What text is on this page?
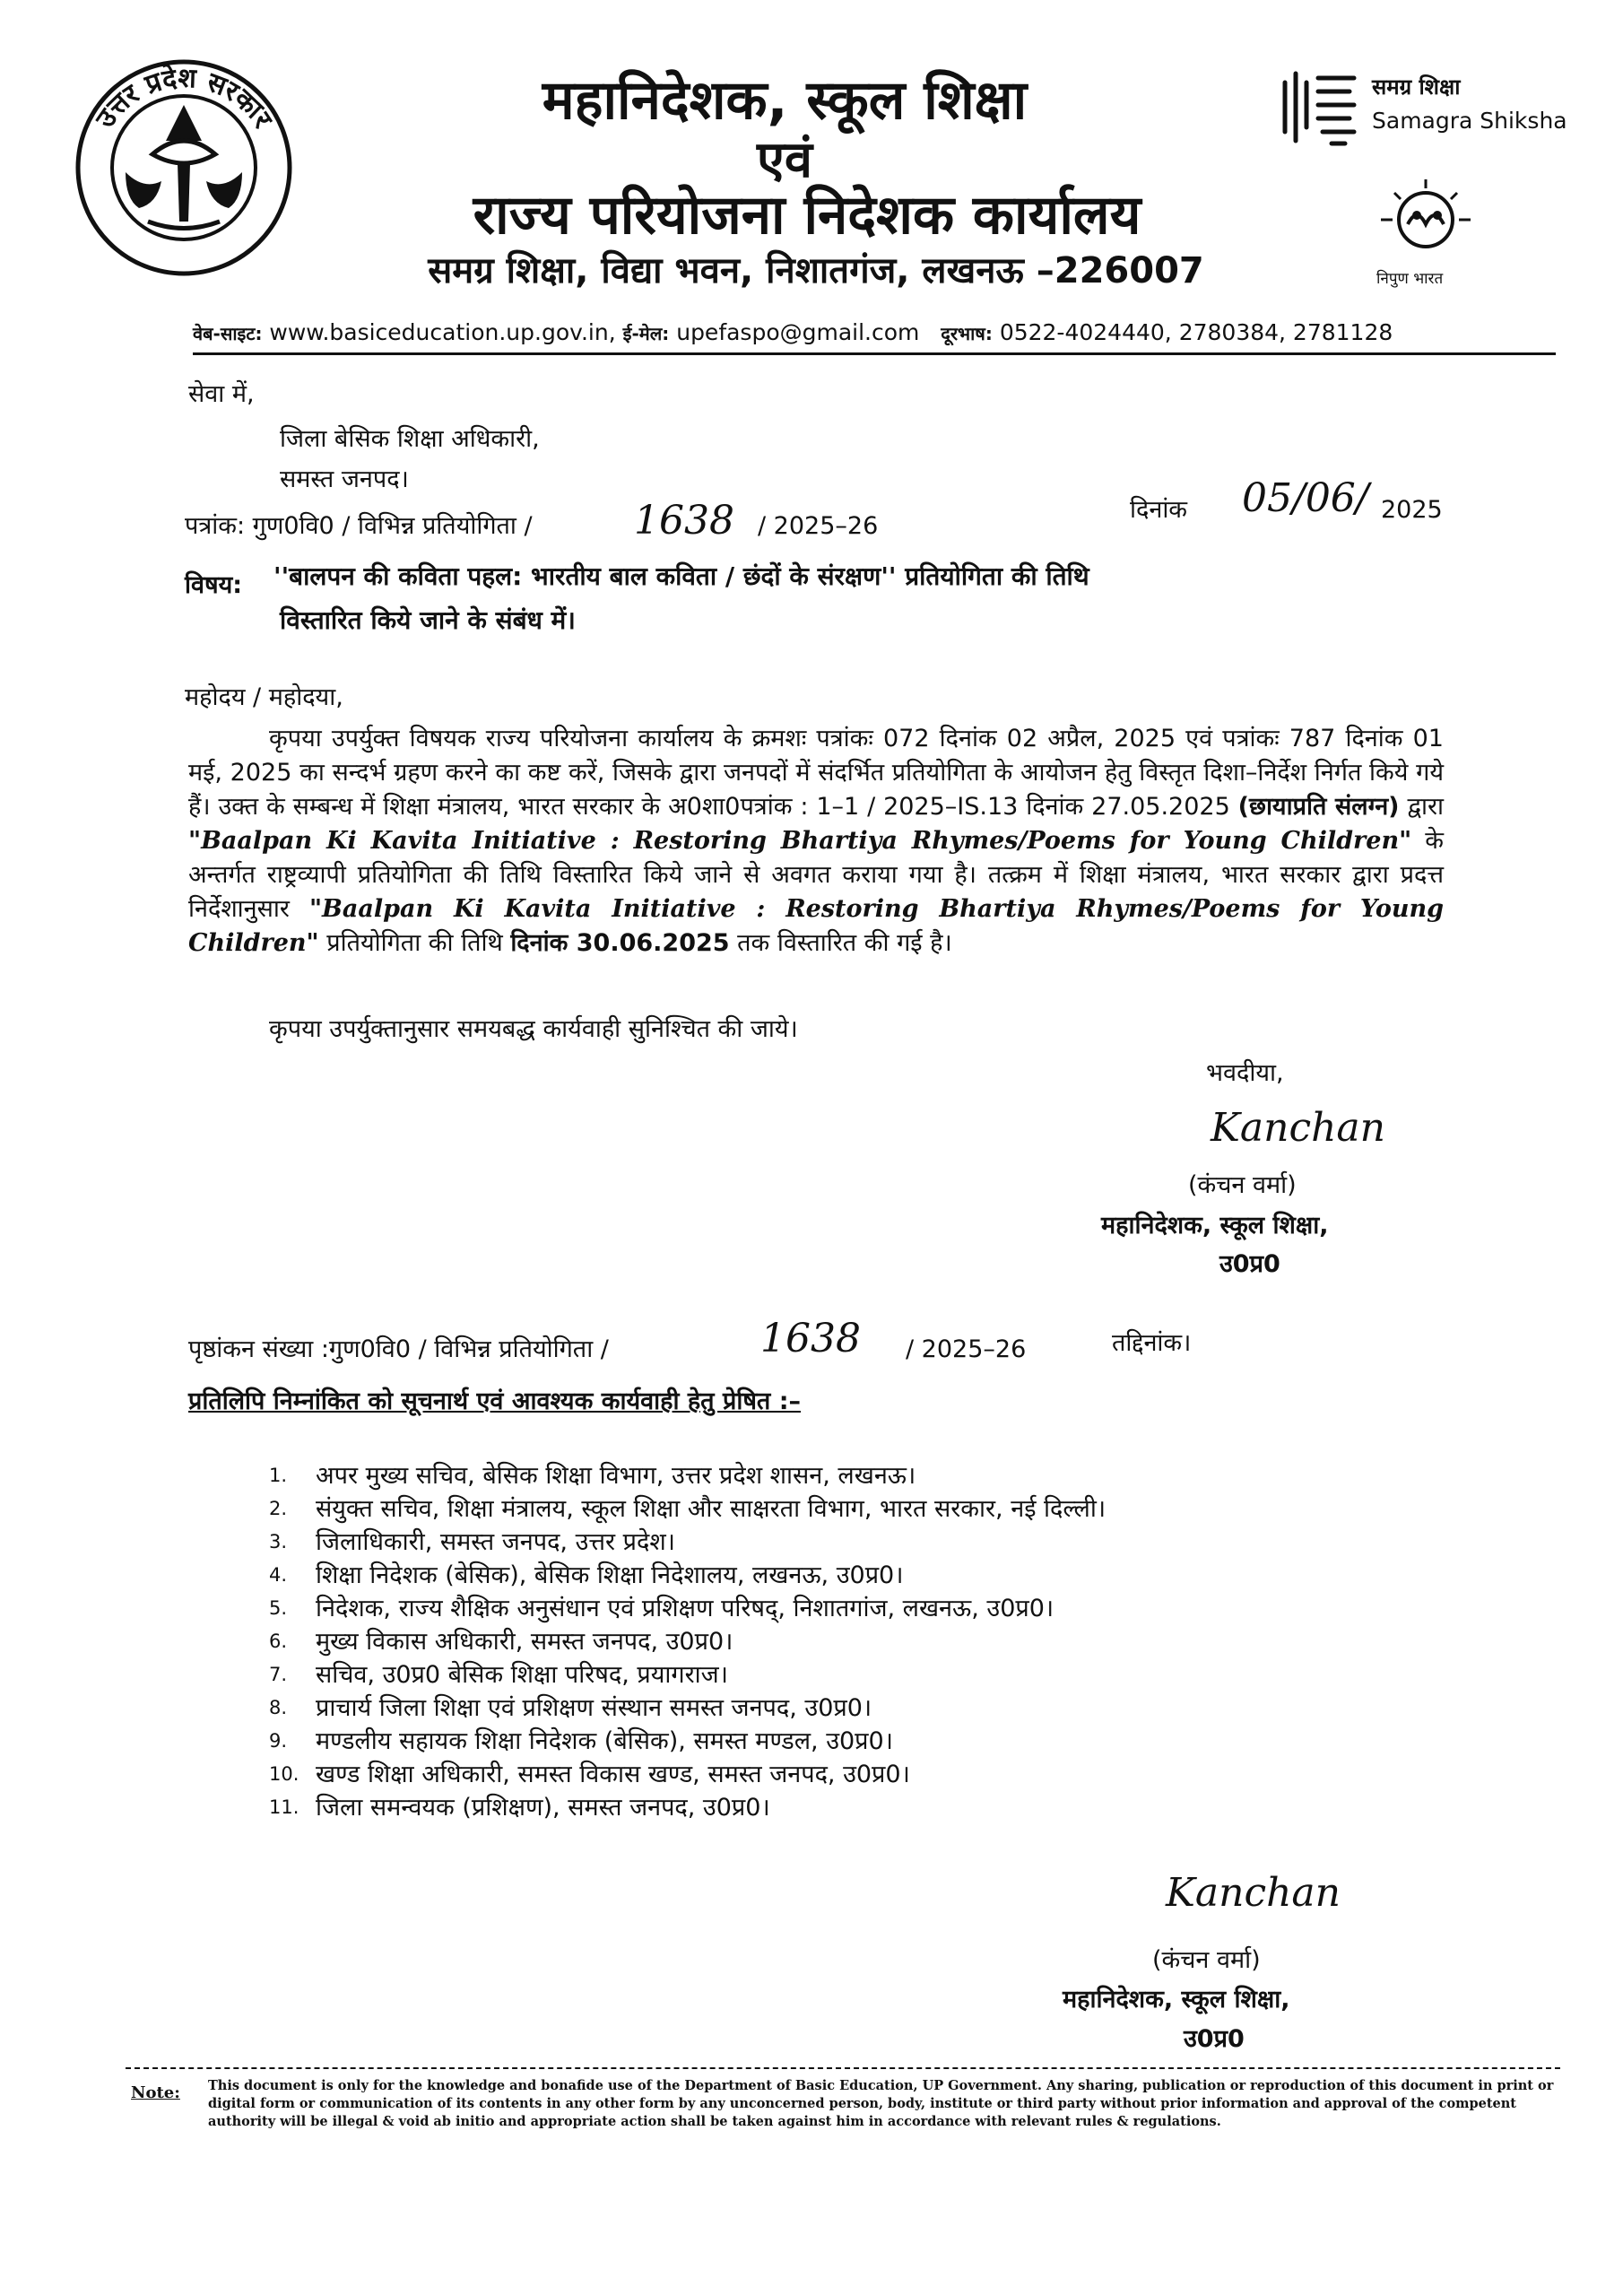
उत्तर प्रदेश सरकार	महानिदेशक, स्कूल शिक्षा
एवं
राज्य परियोजना निदेशक कार्यालय
समग्र शिक्षा, विद्या भवन, निशातगंज, लखनऊ –226007
समग्र शिक्षा
Samagra Shiksha
निपुण भारत
वेब-साइट: www.basiceducation.up.gov.in, ई-मेल: upefaspo@gmail.com दूरभाष: 0522-4024440, 2780384, 2781128
सेवा में,
जिला बेसिक शिक्षा अधिकारी,
समस्त जनपद।
पत्रांक: गुण0वि0 / विभिन्न प्रतियोगिता /	1638 / 2025–26
दिनांक 05/06/ 2025
विषय: ''बालपन की कविता पहल: भारतीय बाल कविता / छंदों के संरक्षण'' प्रतियोगिता की तिथि
विस्तारित किये जाने के संबंध में।
महोदय / महोदया,
कृपया उपर्युक्त विषयक राज्य परियोजना कार्यालय के क्रमशः पत्रांकः 072 दिनांक 02 अप्रैल, 2025 एवं पत्रांकः 787 दिनांक 01 मई, 2025 का सन्दर्भ ग्रहण करने का कष्ट करें, जिसके द्वारा जनपदों में संदर्भित प्रतियोगिता के आयोजन हेतु विस्तृत दिशा–निर्देश निर्गत किये गये हैं। उक्त के सम्बन्ध में शिक्षा मंत्रालय, भारत सरकार के अ0शा0पत्रांक : 1–1 / 2025–IS.13 दिनांक 27.05.2025 (छायाप्रति संलग्न) द्वारा "Baalpan Ki Kavita Initiative : Restoring Bhartiya Rhymes/Poems for Young Children" के अन्तर्गत राष्ट्रव्यापी प्रतियोगिता की तिथि विस्तारित किये जाने से अवगत कराया गया है। तत्क्रम में शिक्षा मंत्रालय, भारत सरकार द्वारा प्रदत्त निर्देशानुसार "Baalpan Ki Kavita Initiative : Restoring Bhartiya Rhymes/Poems for Young Children" प्रतियोगिता की तिथि दिनांक 30.06.2025 तक विस्तारित की गई है।
कृपया उपर्युक्तानुसार समयबद्ध कार्यवाही सुनिश्चित की जाये।
भवदीया,
Kanchan
(कंचन वर्मा)
महानिदेशक, स्कूल शिक्षा,
उ0प्र0
पृष्ठांकन संख्या :गुण0वि0 / विभिन्न प्रतियोगिता /	1638 / 2025–26	तद्दिनांक।
प्रतिलिपि निम्नांकित को सूचनार्थ एवं आवश्यक कार्यवाही हेतु प्रेषित :–
1. अपर मुख्य सचिव, बेसिक शिक्षा विभाग, उत्तर प्रदेश शासन, लखनऊ।
2. संयुक्त सचिव, शिक्षा मंत्रालय, स्कूल शिक्षा और साक्षरता विभाग, भारत सरकार, नई दिल्ली।
3. जिलाधिकारी, समस्त जनपद, उत्तर प्रदेश।
4. शिक्षा निदेशक (बेसिक), बेसिक शिक्षा निदेशालय, लखनऊ, उ0प्र0।
5. निदेशक, राज्य शैक्षिक अनुसंधान एवं प्रशिक्षण परिषद्, निशातगांज, लखनऊ, उ0प्र0।
6. मुख्य विकास अधिकारी, समस्त जनपद, उ0प्र0।
7. सचिव, उ0प्र0 बेसिक शिक्षा परिषद, प्रयागराज।
8. प्राचार्य जिला शिक्षा एवं प्रशिक्षण संस्थान समस्त जनपद, उ0प्र0।
9. मण्डलीय सहायक शिक्षा निदेशक (बेसिक), समस्त मण्डल, उ0प्र0।
10. खण्ड शिक्षा अधिकारी, समस्त विकास खण्ड, समस्त जनपद, उ0प्र0।
11. जिला समन्वयक (प्रशिक्षण), समस्त जनपद, उ0प्र0।
Kanchan
(कंचन वर्मा)
महानिदेशक, स्कूल शिक्षा,
उ0प्र0
Note: This document is only for the knowledge and bonafide use of the Department of Basic Education, UP Government. Any sharing, publication or reproduction of this document in print or digital form or communication of its contents in any other form by any unconcerned person, body, institute or third party without prior information and approval of the competent authority will be illegal & void ab initio and appropriate action shall be taken against him in accordance with relevant rules & regulations.
